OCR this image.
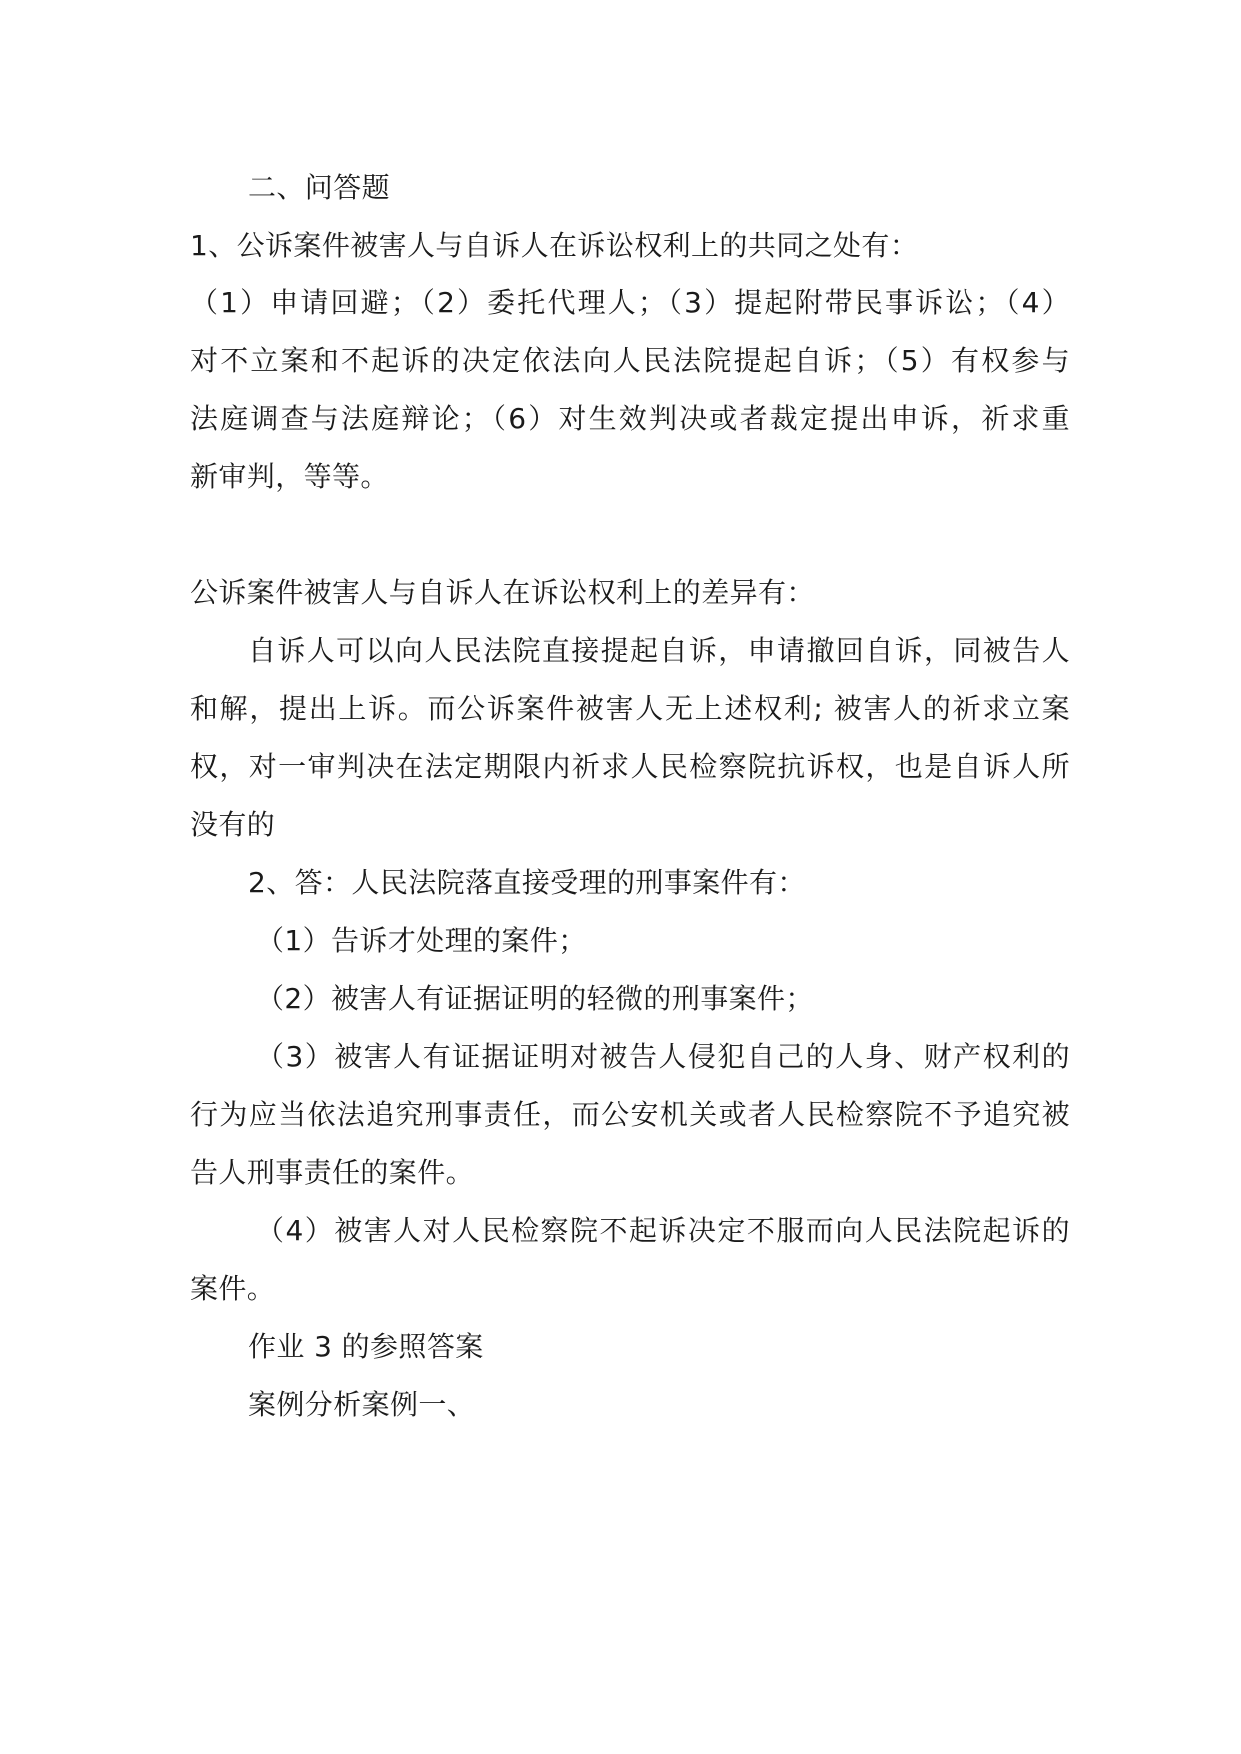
二、问答题
1、公诉案件被害人与自诉人在诉讼权利上的共同之处有：
（1）申请回避；（2）委托代理人；（3）提起附带民事诉讼；（4）
对不立案和不起诉的决定依法向人民法院提起自诉；（5）有权参与
法庭调查与法庭辩论；（6）对生效判决或者裁定提出申诉，祈求重
新审判，等等。
公诉案件被害人与自诉人在诉讼权利上的差异有：
自诉人可以向人民法院直接提起自诉，申请撤回自诉，同被告人
和解，提出上诉。而公诉案件被害人无上述权利; 被害人的祈求立案
权，对一审判决在法定期限内祈求人民检察院抗诉权，也是自诉人所
没有的
2、答：人民法院落直接受理的刑事案件有：
（1）告诉才处理的案件；
（2）被害人有证据证明的轻微的刑事案件；
（3）被害人有证据证明对被告人侵犯自己的人身、财产权利的
行为应当依法追究刑事责任，而公安机关或者人民检察院不予追究被
告人刑事责任的案件。
（4）被害人对人民检察院不起诉决定不服而向人民法院起诉的
案件。
作业 3 的参照答案
案例分析案例一、
